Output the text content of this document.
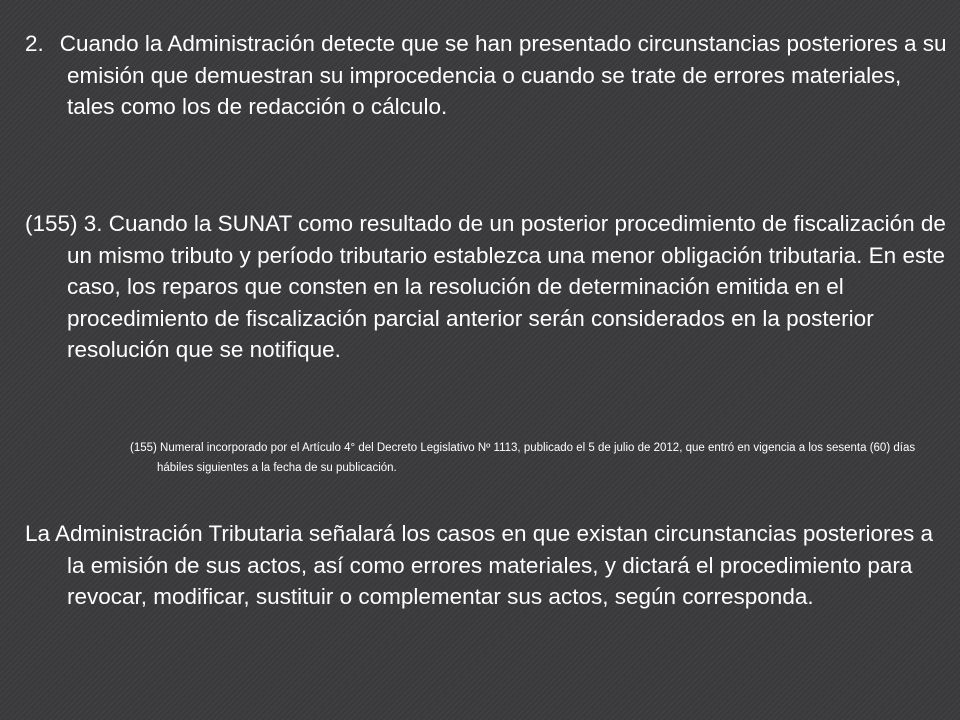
2. Cuando la Administración detecte que se han presentado circunstancias posteriores a su emisión que demuestran su improcedencia o cuando se trate de errores materiales, tales como los de redacción o cálculo.
(155) 3. Cuando la SUNAT como resultado de un posterior procedimiento de fiscalización de un mismo tributo y período tributario establezca una menor obligación tributaria. En este caso, los reparos que consten en la resolución de determinación emitida en el procedimiento de fiscalización parcial anterior serán considerados en la posterior resolución que se notifique.
(155) Numeral incorporado por el Artículo 4° del Decreto Legislativo Nº 1113, publicado el 5 de julio de 2012, que entró en vigencia a los sesenta (60) días hábiles siguientes a la fecha de su publicación.
La Administración Tributaria señalará los casos en que existan circunstancias posteriores a la emisión de sus actos, así como errores materiales, y dictará el procedimiento para revocar, modificar, sustituir o complementar sus actos, según corresponda.
